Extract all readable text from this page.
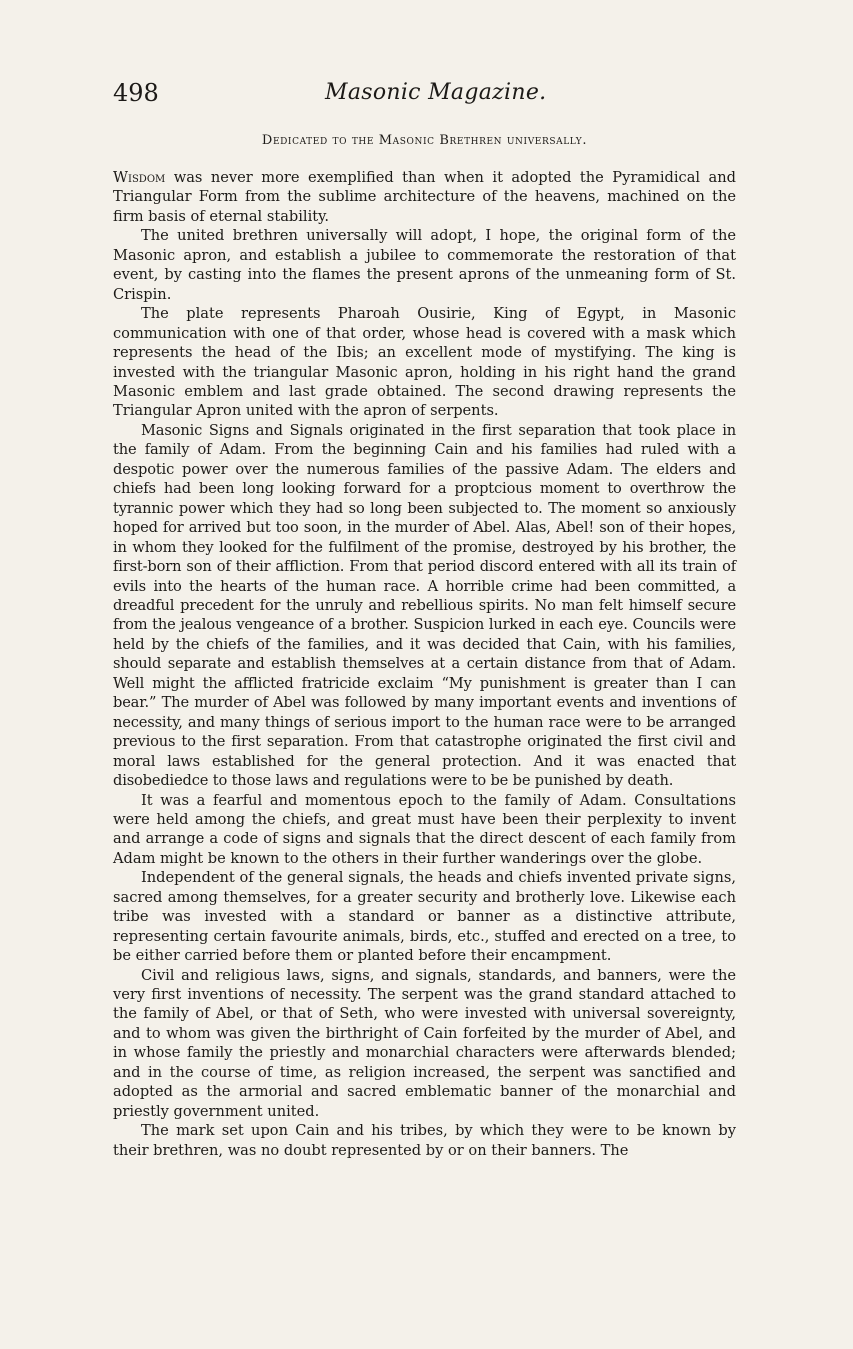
498	Masonic Magazine.
Dedicated to the Masonic Brethren universally.

Wisdom was never more exemplified than when it adopted the Pyramidical and Triangular Form from the sublime architecture of the heavens, machined on the firm basis of eternal stability.

The united brethren universally will adopt, I hope, the original form of the Masonic apron, and establish a jubilee to commemorate the restoration of that event, by casting into the flames the present aprons of the unmeaning form of St. Crispin.

The plate represents Pharoah Ousirie, King of Egypt, in Masonic communication with one of that order, whose head is covered with a mask which represents the head of the Ibis; an excellent mode of mystifying. The king is invested with the triangular Masonic apron, holding in his right hand the grand Masonic emblem and last grade obtained. The second drawing represents the Triangular Apron united with the apron of serpents.

Masonic Signs and Signals originated in the first separation that took place in the family of Adam. From the beginning Cain and his families had ruled with a despotic power over the numerous families of the passive Adam. The elders and chiefs had been long looking forward for a proptcious moment to overthrow the tyrannic power which they had so long been subjected to. The moment so anxiously hoped for arrived but too soon, in the murder of Abel. Alas, Abel! son of their hopes, in whom they looked for the fulfilment of the promise, destroyed by his brother, the first-born son of their affliction. From that period discord entered with all its train of evils into the hearts of the human race. A horrible crime had been committed, a dreadful precedent for the unruly and rebellious spirits. No man felt himself secure from the jealous vengeance of a brother. Suspicion lurked in each eye. Councils were held by the chiefs of the families, and it was decided that Cain, with his families, should separate and establish themselves at a certain distance from that of Adam. Well might the afflicted fratricide exclaim “My punishment is greater than I can bear.” The murder of Abel was followed by many important events and inventions of necessity, and many things of serious import to the human race were to be arranged previous to the first separation. From that catastrophe originated the first civil and moral laws established for the general protection. And it was enacted that disobediedce to those laws and regulations were to be be punished by death.

It was a fearful and momentous epoch to the family of Adam. Consultations were held among the chiefs, and great must have been their perplexity to invent and arrange a code of signs and signals that the direct descent of each family from Adam might be known to the others in their further wanderings over the globe.

Independent of the general signals, the heads and chiefs invented private signs, sacred among themselves, for a greater security and brotherly love. Likewise each tribe was invested with a standard or banner as a distinctive attribute, representing certain favourite animals, birds, etc., stuffed and erected on a tree, to be either carried before them or planted before their encampment.

Civil and religious laws, signs, and signals, standards, and banners, were the very first inventions of necessity. The serpent was the grand standard attached to the family of Abel, or that of Seth, who were invested with universal sovereignty, and to whom was given the birthright of Cain forfeited by the murder of Abel, and in whose family the priestly and monarchial characters were afterwards blended; and in the course of time, as religion increased, the serpent was sanctified and adopted as the armorial and sacred emblematic banner of the monarchial and priestly government united.

The mark set upon Cain and his tribes, by which they were to be known by their brethren, was no doubt represented by or on their banners. The
